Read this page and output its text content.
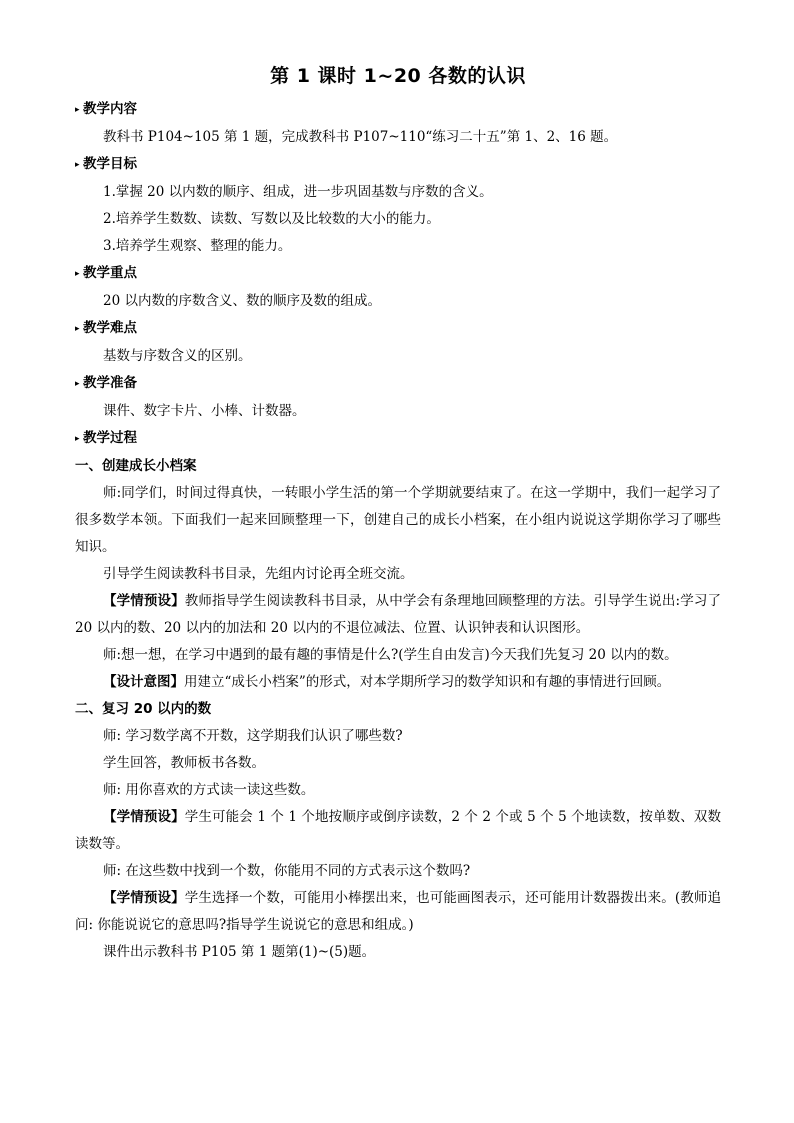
第 1 课时 1~20 各数的认识
▸ 教学内容

教科书 P104~105 第 1 题，完成教科书 P107~110“练习二十五”第 1、2、16 题。

▸ 教学目标

1.掌握 20 以内数的顺序、组成，进一步巩固基数与序数的含义。

2.培养学生数数、读数、写数以及比较数的大小的能力。

3.培养学生观察、整理的能力。

▸ 教学重点

20 以内数的序数含义、数的顺序及数的组成。

▸ 教学难点

基数与序数含义的区别。

▸ 教学准备

课件、数字卡片、小棒、计数器。

▸ 教学过程
一、创建成长小档案

师:同学们，时间过得真快，一转眼小学生活的第一个学期就要结束了。在这一学期中，我们一起学习了很多数学本领。下面我们一起来回顾整理一下，创建自己的成长小档案，在小组内说说这学期你学习了哪些知识。

引导学生阅读教科书目录，先组内讨论再全班交流。

【学情预设】教师指导学生阅读教科书目录，从中学会有条理地回顾整理的方法。引导学生说出:学习了 20 以内的数、20 以内的加法和 20 以内的不退位减法、位置、认识钟表和认识图形。

师:想一想，在学习中遇到的最有趣的事情是什么?(学生自由发言)今天我们先复习 20 以内的数。

【设计意图】用建立“成长小档案”的形式，对本学期所学习的数学知识和有趣的事情进行回顾。

二、复习 20 以内的数

师: 学习数学离不开数，这学期我们认识了哪些数?

学生回答，教师板书各数。

师: 用你喜欢的方式读一读这些数。

【学情预设】学生可能会 1 个 1 个地按顺序或倒序读数，2 个 2 个或 5 个 5 个地读数，按单数、双数读数等。

师: 在这些数中找到一个数，你能用不同的方式表示这个数吗?

【学情预设】学生选择一个数，可能用小棒摆出来，也可能画图表示，还可能用计数器拨出来。(教师追问: 你能说说它的意思吗?指导学生说说它的意思和组成。)

课件出示教科书 P105 第 1 题第(1)~(5)题。
